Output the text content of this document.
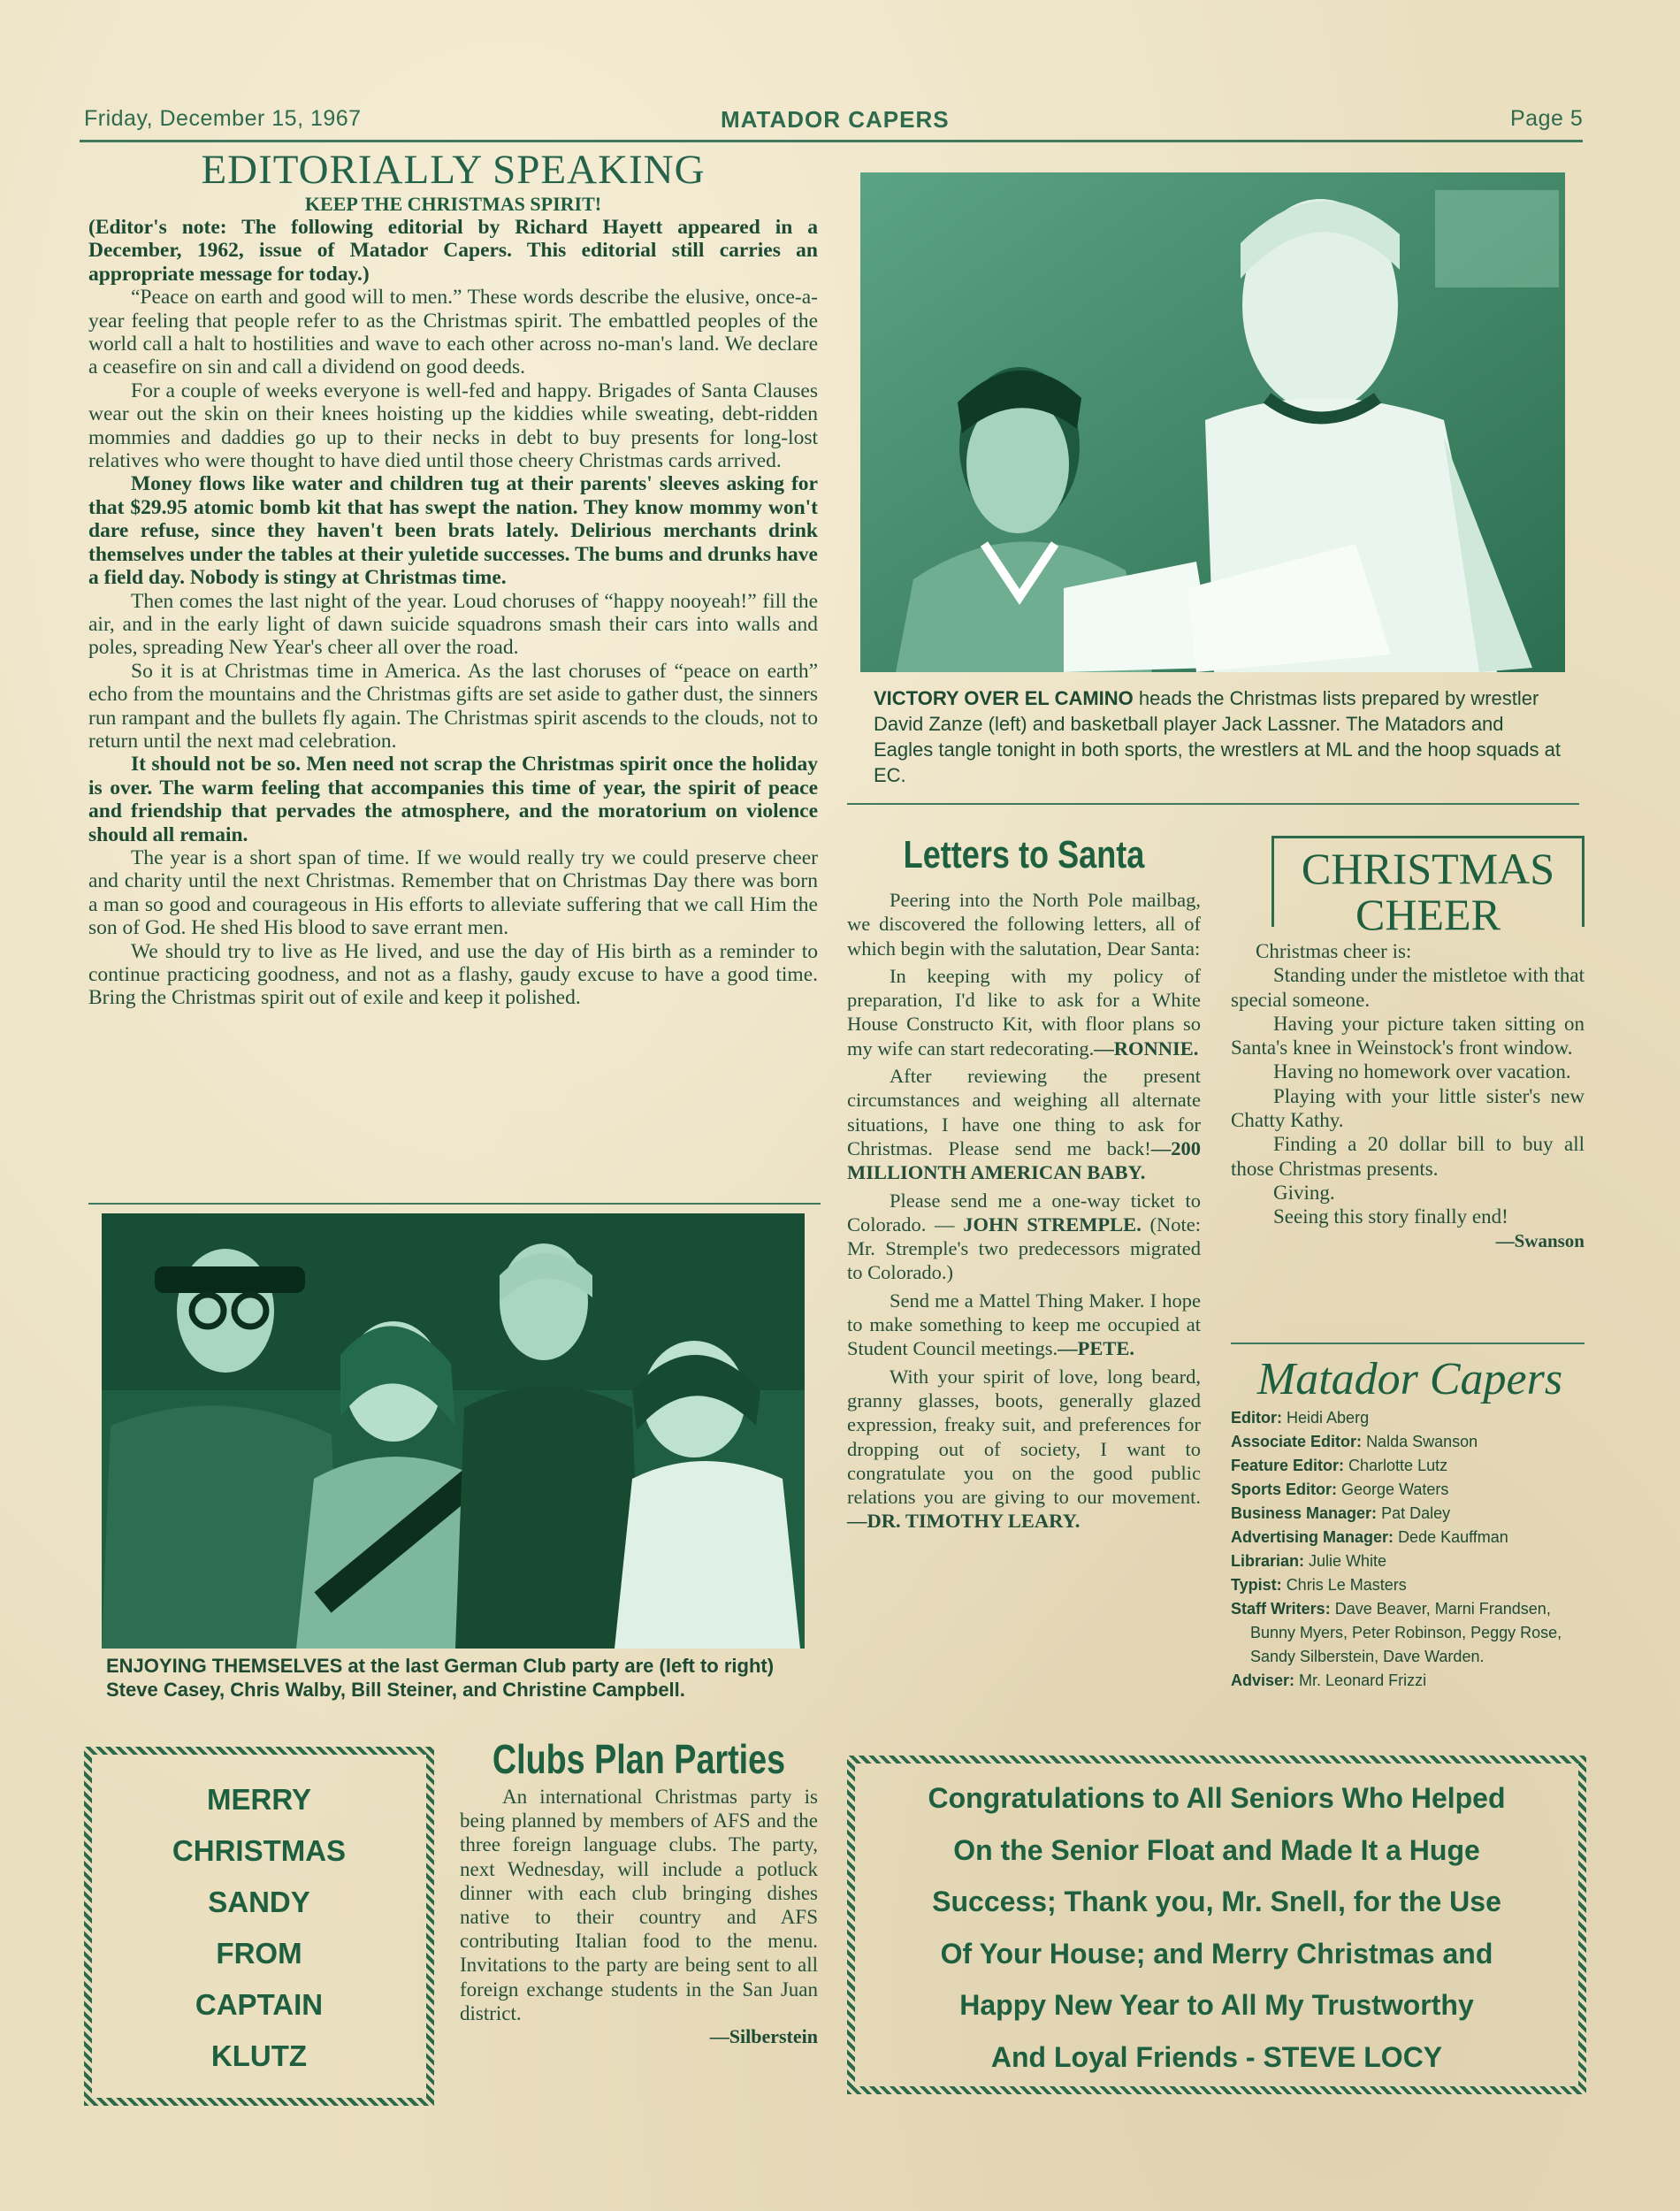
Friday, December 15, 1967	MATADOR CAPERS	Page 5
EDITORIALLY SPEAKING
KEEP THE CHRISTMAS SPIRIT!
(Editor's note: The following editorial by Richard Hayett appeared in a December, 1962, issue of Matador Capers. This editorial still carries an appropriate message for today.)

“Peace on earth and good will to men.” These words describe the elusive, once-a-year feeling that people refer to as the Christmas spirit. The embattled peoples of the world call a halt to hostilities and wave to each other across no-man's land. We declare a ceasefire on sin and call a dividend on good deeds.

For a couple of weeks everyone is well-fed and happy. Brigades of Santa Clauses wear out the skin on their knees hoisting up the kiddies while sweating, debt-ridden mommies and daddies go up to their necks in debt to buy presents for long-lost relatives who were thought to have died until those cheery Christmas cards arrived.

Money flows like water and children tug at their parents' sleeves asking for that $29.95 atomic bomb kit that has swept the nation. They know mommy won't dare refuse, since they haven't been brats lately. Delirious merchants drink themselves under the tables at their yuletide successes. The bums and drunks have a field day. Nobody is stingy at Christmas time.

Then comes the last night of the year. Loud choruses of “happy nooyeah!” fill the air, and in the early light of dawn suicide squadrons smash their cars into walls and poles, spreading New Year's cheer all over the road.

So it is at Christmas time in America. As the last choruses of “peace on earth” echo from the mountains and the Christmas gifts are set aside to gather dust, the sinners run rampant and the bullets fly again. The Christmas spirit ascends to the clouds, not to return until the next mad celebration.

It should not be so. Men need not scrap the Christmas spirit once the holiday is over. The warm feeling that accompanies this time of year, the spirit of peace and friendship that pervades the atmosphere, and the moratorium on violence should all remain.

The year is a short span of time. If we would really try we could preserve cheer and charity until the next Christmas. Remember that on Christmas Day there was born a man so good and courageous in His efforts to alleviate suffering that we call Him the son of God. He shed His blood to save errant men.

We should try to live as He lived, and use the day of His birth as a reminder to continue practicing goodness, and not as a flashy, gaudy excuse to have a good time. Bring the Christmas spirit out of exile and keep it polished.

VICTORY OVER EL CAMINO heads the Christmas lists prepared by wrestler David Zanze (left) and basketball player Jack Lassner. The Matadors and Eagles tangle tonight in both sports, the wrestlers at ML and the hoop squads at EC.
ENJOYING THEMSELVES at the last German Club party are (left to right) Steve Casey, Chris Walby, Bill Steiner, and Christine Campbell.
Letters to Santa

Peering into the North Pole mailbag, we discovered the following letters, all of which begin with the salutation, Dear Santa:

In keeping with my policy of preparation, I'd like to ask for a White House Constructo Kit, with floor plans so my wife can start redecorating.—RONNIE.

After reviewing the present circumstances and weighing all alternate situations, I have one thing to ask for Christmas. Please send me back!—200 MILLIONTH AMERICAN BABY.

Please send me a one-way ticket to Colorado. — JOHN STREMPLE. (Note: Mr. Stremple's two predecessors migrated to Colorado.)

Send me a Mattel Thing Maker. I hope to make something to keep me occupied at Student Council meetings.—PETE.

With your spirit of love, long beard, granny glasses, boots, generally glazed expression, freaky suit, and preferences for dropping out of society, I want to congratulate you on the good public relations you are giving to our movement. —DR. TIMOTHY LEARY.

CHRISTMAS
CHEER

Christmas cheer is:

Standing under the mistletoe with that special someone.

Having your picture taken sitting on Santa's knee in Weinstock's front window.

Having no homework over vacation.

Playing with your little sister's new Chatty Kathy.

Finding a 20 dollar bill to buy all those Christmas presents.

Giving.

Seeing this story finally end!

—Swanson
Matador Capers
Editor: Heidi Aberg
Associate Editor: Nalda Swanson
Feature Editor: Charlotte Lutz
Sports Editor: George Waters
Business Manager: Pat Daley
Advertising Manager: Dede Kauffman
Librarian: Julie White
Typist: Chris Le Masters
Staff Writers: Dave Beaver, Marni Frandsen, Bunny Myers, Peter Robinson, Peggy Rose, Sandy Silberstein, Dave Warden.
Adviser: Mr. Leonard Frizzi
MERRY
CHRISTMAS
SANDY
FROM
CAPTAIN
KLUTZ
Clubs Plan Parties

An international Christmas party is being planned by members of AFS and the three foreign language clubs. The party, next Wednesday, will include a potluck dinner with each club bringing dishes native to their country and AFS contributing Italian food to the menu. Invitations to the party are being sent to all foreign exchange students in the San Juan district.

—Silberstein
Congratulations to All Seniors Who Helped
On the Senior Float and Made It a Huge
Success; Thank you, Mr. Snell, for the Use
Of Your House; and Merry Christmas and
Happy New Year to All My Trustworthy
And Loyal Friends - STEVE LOCY
